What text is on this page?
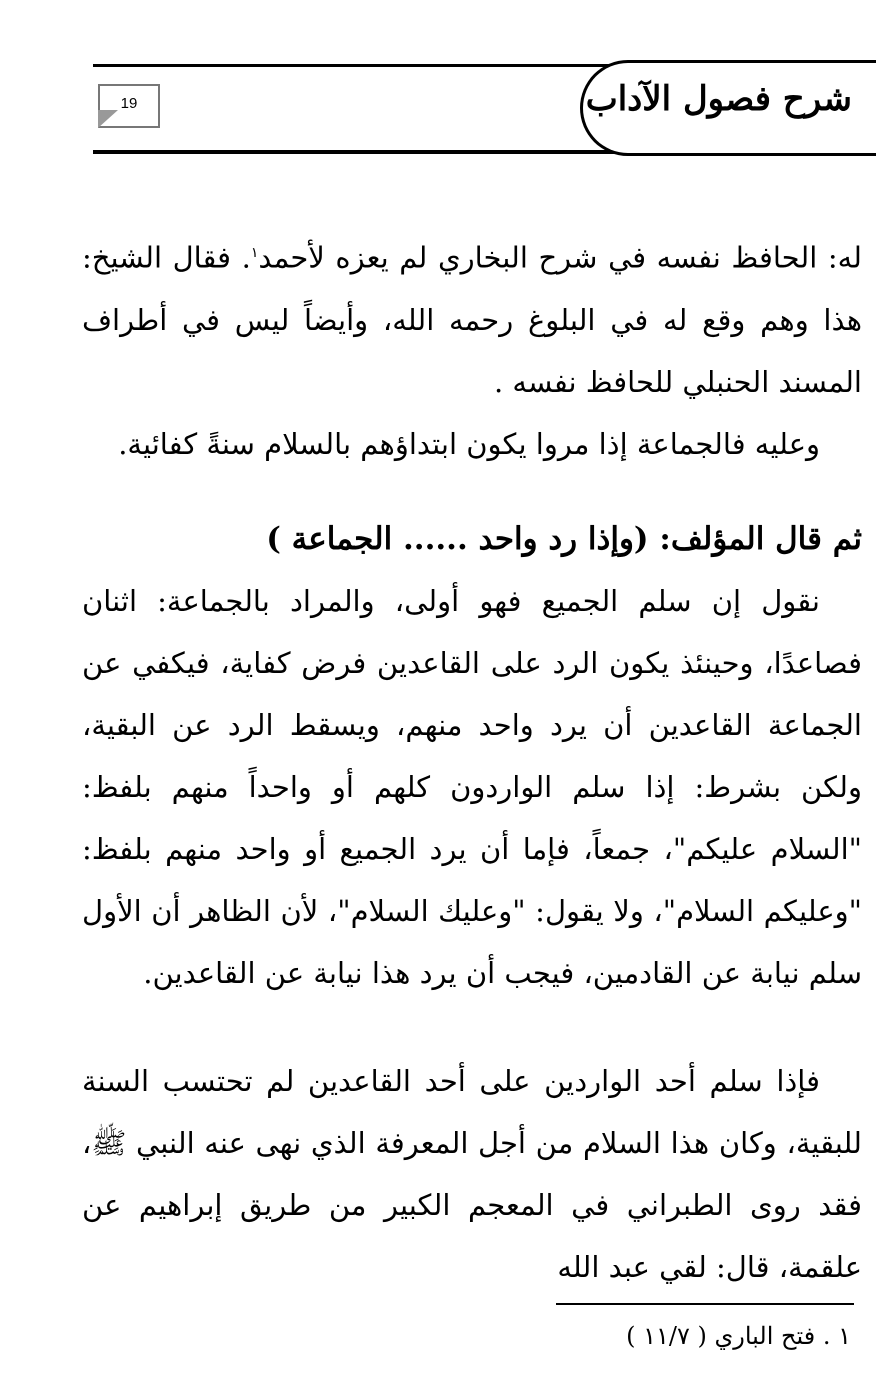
شرح فصول الآداب
19

له: الحافظ نفسه في شرح البخاري لم يعزه لأحمد$^١$. فقال الشيخ: هذا وهم وقع له في البلوغ رحمه الله، وأيضاً ليس في أطراف المسند الحنبلي للحافظ نفسه .

وعليه فالجماعة إذا مروا يكون ابتداؤهم بالسلام سنةً كفائية.

ثم قال المؤلف: (وإذا رد واحد ...... الجماعة )

نقول إن سلم الجميع فهو أولى، والمراد بالجماعة: اثنان فصاعدًا، وحينئذ يكون الرد على القاعدين فرض كفاية، فيكفي عن الجماعة القاعدين أن يرد واحد منهم، ويسقط الرد عن البقية، ولكن بشرط: إذا سلم الواردون كلهم أو واحداً منهم بلفظ: "السلام عليكم"، جمعاً، فإما أن يرد الجميع أو واحد منهم بلفظ: "وعليكم السلام"، ولا يقول: "وعليك السلام"، لأن الظاهر أن الأول سلم نيابة عن القادمين، فيجب أن يرد هذا نيابة عن القاعدين.

فإذا سلم أحد الواردين على أحد القاعدين لم تحتسب السنة للبقية، وكان هذا السلام من أجل المعرفة الذي نهى عنه النبي ﷺ، فقد روى الطبراني في المعجم الكبير من طريق إبراهيم عن علقمة، قال: لقي عبد الله

١ . فتح الباري ( ١١/٧ )
